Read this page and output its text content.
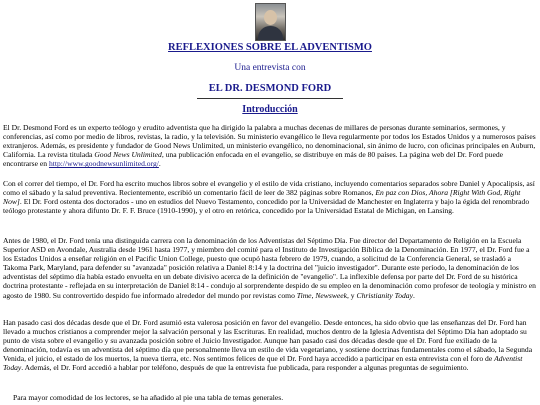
REFLEXIONES SOBRE EL ADVENTISMO
Una entrevista con
EL DR. DESMOND FORD
Introducción
El Dr. Desmond Ford es un experto teólogo y erudito adventista que ha dirigido la palabra a muchas decenas de millares de personas durante seminarios, sermones, y conferencias, así como por medio de libros, revistas, la radio, y la televisión. Su ministerio evangélico le lleva regularmente por todos los Estados Unidos y a numerosos países extranjeros. Además, es presidente y fundador de Good News Unlimited, un ministerio evangélico, no denominacional, sin ánimo de lucro, con oficinas principales en Auburn, California. La revista titulada Good News Unlimited, una publicación enfocada en el evangelio, se distribuye en más de 80 países. La página web del Dr. Ford puede encontrarse en http://www.goodnewsunlimited.org/.
Con el correr del tiempo, el Dr. Ford ha escrito muchos libros sobre el evangelio y el estilo de vida cristiano, incluyendo comentarios separados sobre Daniel y Apocalipsis, así como el sábado y la salud preventiva. Recientemente, escribió un comentario fácil de leer de 382 páginas sobre Romanos, En paz con Dios, Ahora [Right With God, Right Now]. El Dr. Ford ostenta dos doctorados - uno en estudios del Nuevo Testamento, concedido por la Universidad de Manchester en Inglaterra y bajo la égida del renombrado teólogo protestante y ahora difunto Dr. F. F. Bruce (1910-1990), y el otro en retórica, concedido por la Universidad Estatal de Michigan, en Lansing.
Antes de 1980, el Dr. Ford tenía una distinguida carrera con la denominación de los Adventistas del Séptimo Día. Fue director del Departamento de Religión en la Escuela Superior ASD en Avondale, Australia desde 1961 hasta 1977, y miembro del comité para el Instituto de Investigación Bíblica de la Denominación. En 1977, el Dr. Ford fue a los Estados Unidos a enseñar religión en el Pacific Union College, puesto que ocupó hasta febrero de 1979, cuando, a solicitud de la Conferencia General, se trasladó a Takoma Park, Maryland, para defender su "avanzada" posición relativa a Daniel 8:14 y la doctrina del "juicio investigador". Durante este período, la denominación de los adventistas del séptimo día había estado envuelta en un debate divisivo acerca de la definición de "evangelio". La inflexible defensa por parte del Dr. Ford de su histórica doctrina protestante - reflejada en su interpretación de Daniel 8:14 - condujo al sorprendente despido de su empleo en la denominación como profesor de teología y ministro en agosto de 1980. Su controvertido despido fue informado alrededor del mundo por revistas como Time, Newsweek, y Christianity Today.
Han pasado casi dos décadas desde que el Dr. Ford asumió esta valerosa posición en favor del evangelio. Desde entonces, ha sido obvio que las enseñanzas del Dr. Ford han llevado a muchos cristianos a comprender mejor la salvación personal y las Escrituras. En realidad, muchos dentro de la Iglesia Adventista del Séptimo Día han adoptado su punto de vista sobre el evangelio y su avanzada posición sobre el Juicio Investigador. Aunque han pasado casi dos décadas desde que el Dr. Ford fue exiliado de la denominación, todavía es un adventista del séptimo día que personalmente lleva un estilo de vida vegetariano, y sostiene doctrinas fundamentales como el sábado, la Segunda Venida, el juicio, el estado de los muertos, la nueva tierra, etc. Nos sentimos felices de que el Dr. Ford haya accedido a participar en esta entrevista con el foro de Adventist Today. Además, el Dr. Ford accedió a hablar por teléfono, después de que la entrevista fue publicada, para responder a algunas preguntas de seguimiento.
Para mayor comodidad de los lectores, se ha añadido al pie una tabla de temas generales.
